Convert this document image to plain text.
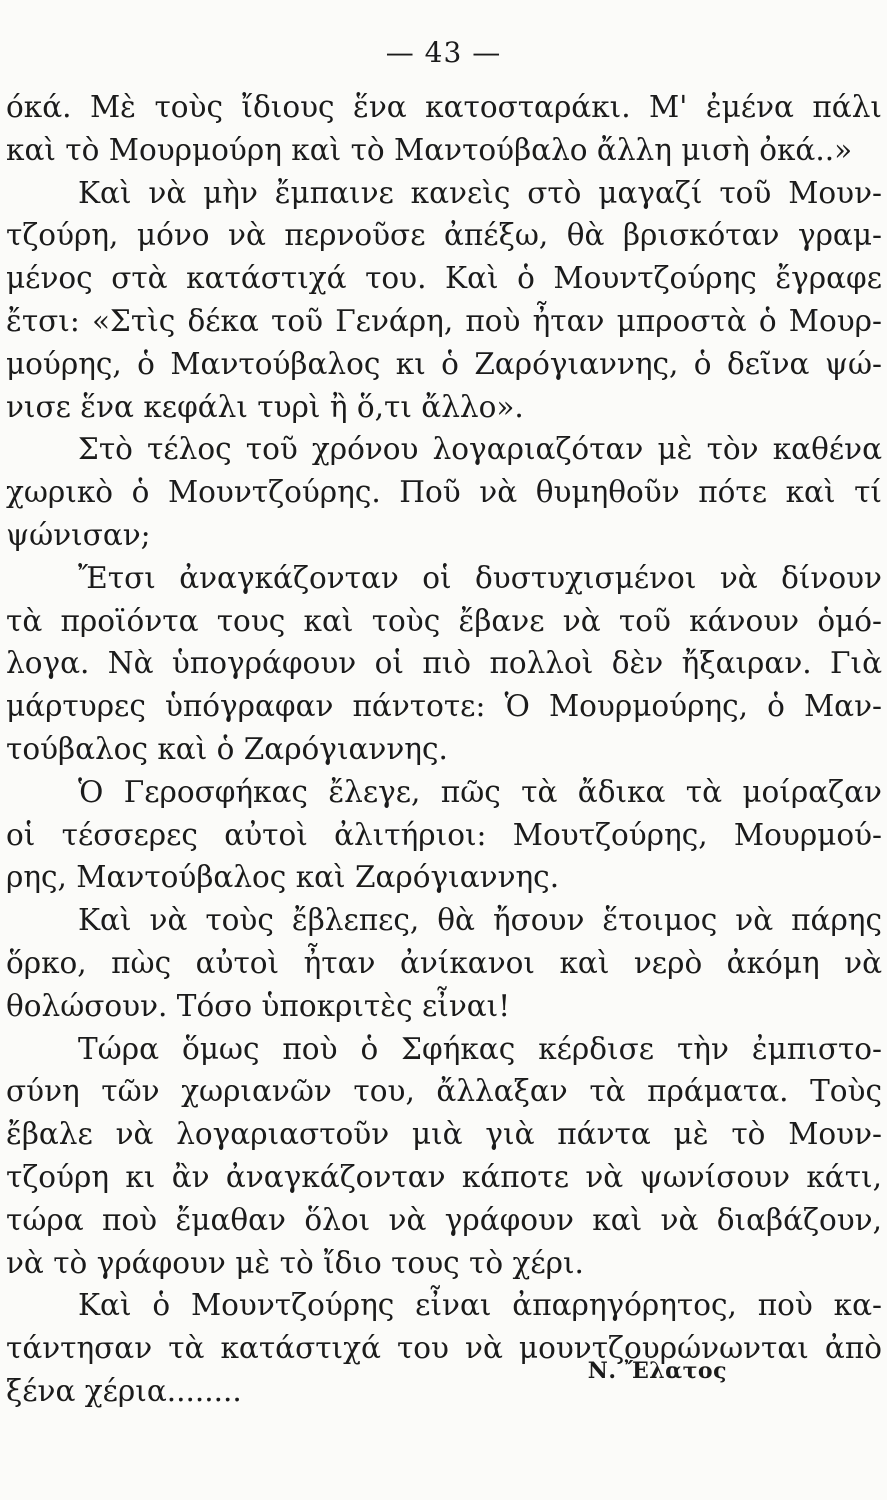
— 43 —
όκά. Μὲ τοὺς ἴδιους ἕνα κατοσταράκι. Μ' ἐμένα πάλι
καὶ τὸ Μουρμούρη καὶ τὸ Μαντούβαλο ἄλλη μισὴ ὀκά..»
Καὶ νὰ μὴν ἔμπαινε κανεὶς στὸ μαγαζί τοῦ Μουν-
τζούρη, μόνο νὰ περνοῦσε ἀπέξω, θὰ βρισκόταν γραμ-
μένος στὰ κατάστιχά του. Καὶ ὁ Μουντζούρης ἔγραφε
ἔτσι: «Στὶς δέκα τοῦ Γενάρη, ποὺ ἦταν μπροστὰ ὁ Μουρ-
μούρης, ὁ Μαντούβαλος κι ὁ Ζαρόγιαννης, ὁ δεῖνα ψώ-
νισε ἕνα κεφάλι τυρὶ ἢ ὅ,τι ἄλλο».
Στὸ τέλος τοῦ χρόνου λογαριαζόταν μὲ τὸν καθένα
χωρικὸ ὁ Μουντζούρης. Ποῦ νὰ θυμηθοῦν πότε καὶ τί
ψώνισαν;
Ἔτσι ἀναγκάζονταν οἱ δυστυχισμένοι νὰ δίνουν
τὰ προϊόντα τους καὶ τοὺς ἔβανε νὰ τοῦ κάνουν ὁμό-
λογα. Νὰ ὑπογράφουν οἱ πιὸ πολλοὶ δὲν ἤξαιραν. Γιὰ
μάρτυρες ὑπόγραφαν πάντοτε: Ὁ Μουρμούρης, ὁ Μαν-
τούβαλος καὶ ὁ Ζαρόγιαννης.
Ὁ Γεροσφήκας ἔλεγε, πῶς τὰ ἄδικα τὰ μοίραζαν
οἱ τέσσερες αὐτοὶ ἀλιτήριοι: Μουτζούρης, Μουρμού-
ρης, Μαντούβαλος καὶ Ζαρόγιαννης.
Καὶ νὰ τοὺς ἔβλεπες, θὰ ἤσουν ἕτοιμος νὰ πάρης
ὅρκο, πὼς αὐτοὶ ἦταν ἀνίκανοι καὶ νερὸ ἀκόμη νὰ
θολώσουν. Τόσο ὑποκριτὲς εἶναι!
Τώρα ὅμως ποὺ ὁ Σφήκας κέρδισε τὴν ἐμπιστο-
σύνη τῶν χωριανῶν του, ἄλλαξαν τὰ πράματα. Τοὺς
ἔβαλε νὰ λογαριαστοῦν μιὰ γιὰ πάντα μὲ τὸ Μουν-
τζούρη κι ἂν ἀναγκάζονταν κάποτε νὰ ψωνίσουν κάτι,
τώρα ποὺ ἔμαθαν ὅλοι νὰ γράφουν καὶ νὰ διαβάζουν,
νὰ τὸ γράφουν μὲ τὸ ἴδιο τους τὸ χέρι.
Καὶ ὁ Μουντζούρης εἶναι ἀπαρηγόρητος, ποὺ κα-
τάντησαν τὰ κατάστιχά του νὰ μουντζουρώνωνται ἀπὸ
ξένα χέρια........
Ν. Ἔλατος
